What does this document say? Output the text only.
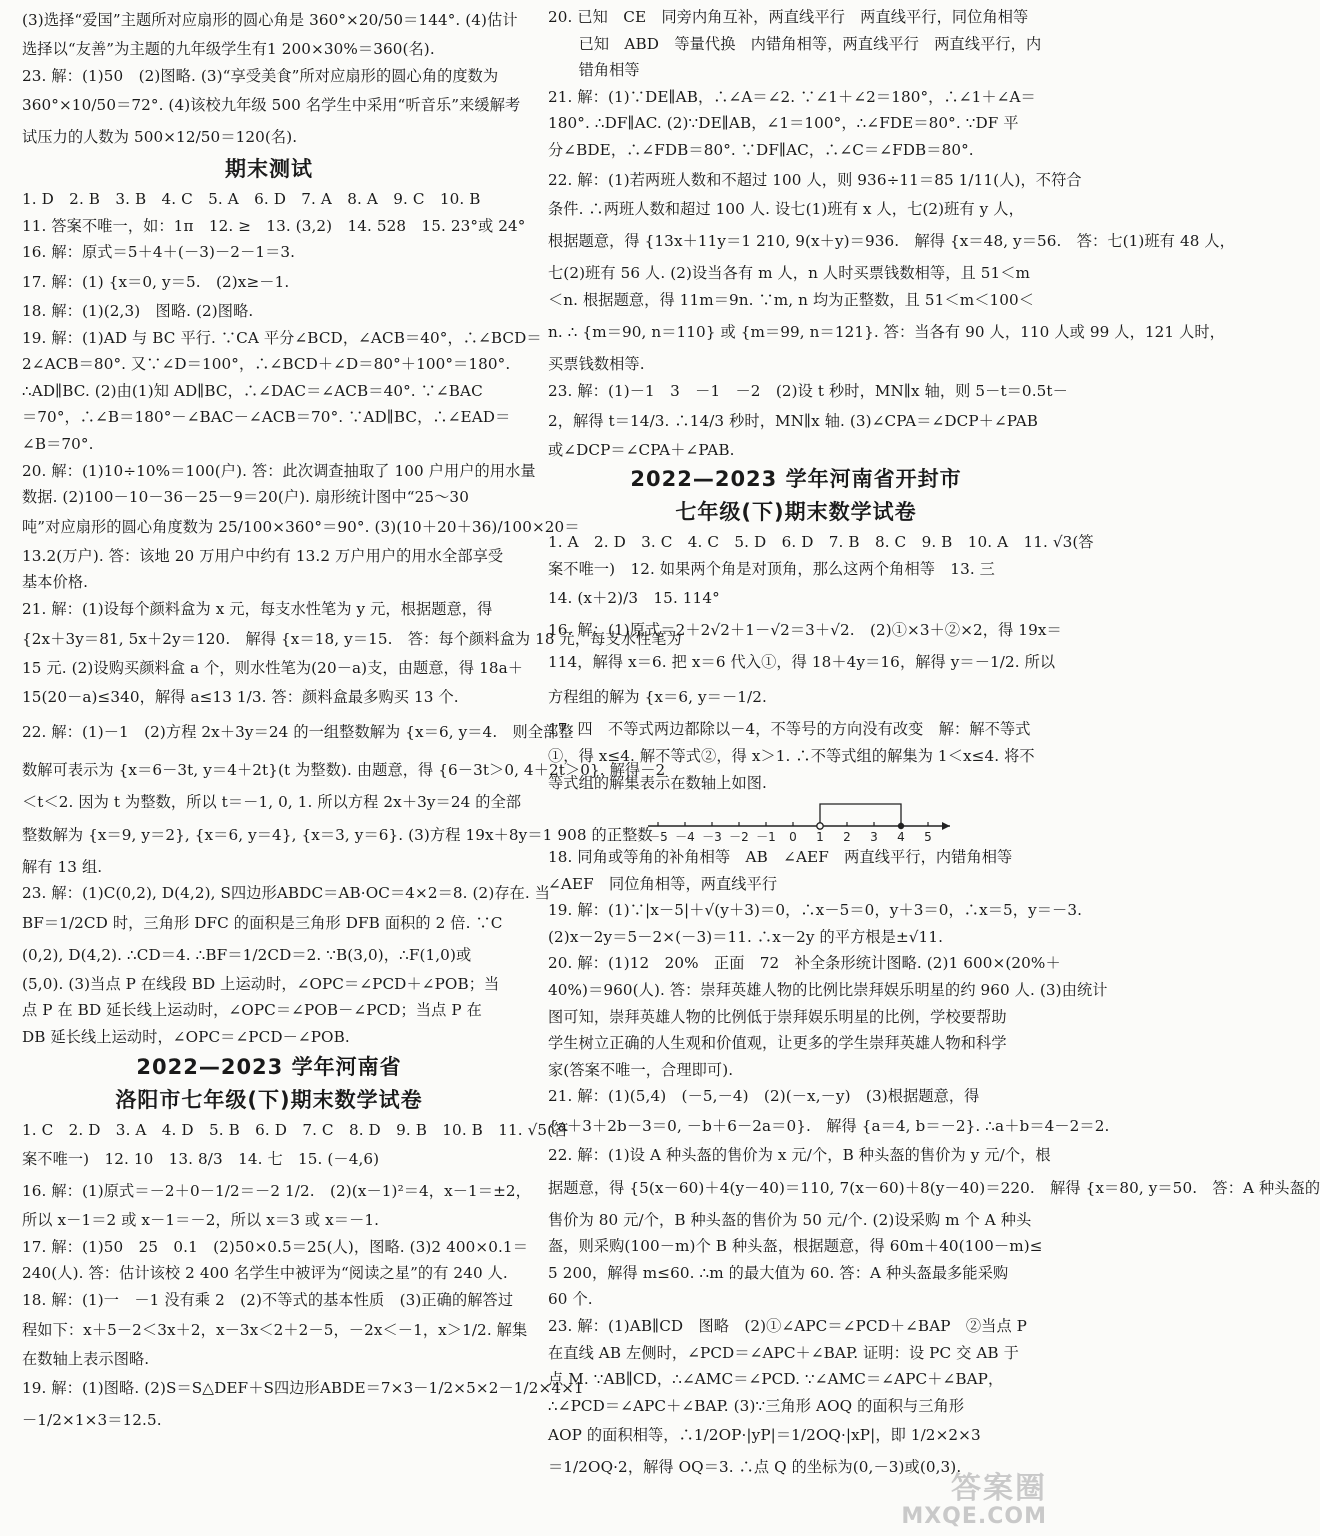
(3)选择“爱国”主题所对应扇形的圆心角是 360°×20/50＝144°. (4)估计
选择以“友善”为主题的九年级学生有1 200×30%＝360(名).
23. 解：(1)50　(2)图略. (3)“享受美食”所对应扇形的圆心角的度数为
360°×10/50＝72°. (4)该校九年级 500 名学生中采用“听音乐”来缓解考
试压力的人数为 500×12/50＝120(名).
期末测试
1. D　2. B　3. B　4. C　5. A　6. D　7. A　8. A　9. C　10. B
11. 答案不唯一，如：1π　12. ≥　13. (3,2)　14. 528　15. 23°或 24°
16. 解：原式＝5＋4＋(－3)－2－1＝3.
17. 解：(1) {x＝0, y＝5.　(2)x≥－1.
18. 解：(1)(2,3)　图略. (2)图略.
19. 解：(1)AD 与 BC 平行. ∵CA 平分∠BCD，∠ACB＝40°，∴∠BCD＝
2∠ACB＝80°. 又∵∠D＝100°，∴∠BCD＋∠D＝80°＋100°＝180°.
∴AD∥BC. (2)由(1)知 AD∥BC，∴∠DAC＝∠ACB＝40°. ∵∠BAC
＝70°，∴∠B＝180°－∠BAC－∠ACB＝70°. ∵AD∥BC，∴∠EAD＝
∠B＝70°.
20. 解：(1)10÷10%＝100(户). 答：此次调查抽取了 100 户用户的用水量
数据. (2)100－10－36－25－9＝20(户). 扇形统计图中“25～30
吨”对应扇形的圆心角度数为 25/100×360°＝90°. (3)(10＋20＋36)/100×20＝
13.2(万户). 答：该地 20 万用户中约有 13.2 万户用户的用水全部享受
基本价格.
21. 解：(1)设每个颜料盒为 x 元，每支水性笔为 y 元，根据题意，得
{2x＋3y＝81, 5x＋2y＝120.　解得 {x＝18, y＝15.　答：每个颜料盒为 18 元，每支水性笔为
15 元. (2)设购买颜料盒 a 个，则水性笔为(20－a)支，由题意，得 18a＋
15(20－a)≤340，解得 a≤13 1/3. 答：颜料盒最多购买 13 个.
22. 解：(1)－1　(2)方程 2x＋3y＝24 的一组整数解为 {x＝6, y＝4.　则全部整
数解可表示为 {x＝6－3t, y＝4＋2t}(t 为整数). 由题意，得 {6－3t＞0, 4＋2t＞0}. 解得－2
＜t＜2. 因为 t 为整数，所以 t＝－1, 0, 1. 所以方程 2x＋3y＝24 的全部
整数解为 {x＝9, y＝2}, {x＝6, y＝4}, {x＝3, y＝6}. (3)方程 19x＋8y＝1 908 的正整数
解有 13 组.
23. 解：(1)C(0,2), D(4,2), S四边形ABDC＝AB·OC＝4×2＝8. (2)存在. 当
BF＝1/2CD 时，三角形 DFC 的面积是三角形 DFB 面积的 2 倍. ∵C
(0,2), D(4,2). ∴CD＝4. ∴BF＝1/2CD＝2. ∵B(3,0)，∴F(1,0)或
(5,0). (3)当点 P 在线段 BD 上运动时，∠OPC＝∠PCD＋∠POB；当
点 P 在 BD 延长线上运动时，∠OPC＝∠POB－∠PCD；当点 P 在
DB 延长线上运动时，∠OPC＝∠PCD－∠POB.
2022—2023 学年河南省
洛阳市七年级(下)期末数学试卷
1. C　2. D　3. A　4. D　5. B　6. D　7. C　8. D　9. B　10. B　11. √5(答
案不唯一)　12. 10　13. 8/3　14. 七　15. (－4,6)
16. 解：(1)原式＝－2＋0－1/2＝－2 1/2.　(2)(x－1)²＝4，x－1＝±2，
所以 x－1＝2 或 x－1＝－2，所以 x＝3 或 x＝－1.
17. 解：(1)50　25　0.1　(2)50×0.5＝25(人)，图略. (3)2 400×0.1＝
240(人). 答：估计该校 2 400 名学生中被评为“阅读之星”的有 240 人.
18. 解：(1)一　－1 没有乘 2　(2)不等式的基本性质　(3)正确的解答过
程如下：x＋5－2＜3x＋2，x－3x＜2＋2－5，－2x＜－1，x＞1/2. 解集
在数轴上表示图略.
19. 解：(1)图略. (2)S＝S△DEF＋S四边形ABDE＝7×3－1/2×5×2－1/2×4×1
－1/2×1×3＝12.5.
20. 已知　CE　同旁内角互补，两直线平行　两直线平行，同位角相等
　　已知　ABD　等量代换　内错角相等，两直线平行　两直线平行，内
　　错角相等
21. 解：(1)∵DE∥AB，∴∠A＝∠2. ∵∠1＋∠2＝180°，∴∠1＋∠A＝
180°. ∴DF∥AC. (2)∵DE∥AB，∠1＝100°，∴∠FDE＝80°. ∵DF 平
分∠BDE，∴∠FDB＝80°. ∵DF∥AC，∴∠C＝∠FDB＝80°.
22. 解：(1)若两班人数和不超过 100 人，则 936÷11＝85 1/11(人)，不符合
条件. ∴两班人数和超过 100 人. 设七(1)班有 x 人，七(2)班有 y 人，
根据题意，得 {13x＋11y＝1 210, 9(x＋y)＝936.　解得 {x＝48, y＝56.　答：七(1)班有 48 人，
七(2)班有 56 人. (2)设当各有 m 人，n 人时买票钱数相等，且 51＜m
＜n. 根据题意，得 11m＝9n. ∵m, n 均为正整数，且 51＜m＜100＜
n. ∴ {m＝90, n＝110} 或 {m＝99, n＝121}. 答：当各有 90 人，110 人或 99 人，121 人时，
买票钱数相等.
23. 解：(1)－1　3　－1　－2　(2)设 t 秒时，MN∥x 轴，则 5－t＝0.5t－
2，解得 t＝14/3. ∴14/3 秒时，MN∥x 轴. (3)∠CPA＝∠DCP＋∠PAB
或∠DCP＝∠CPA＋∠PAB.
2022—2023 学年河南省开封市
七年级(下)期末数学试卷
1. A　2. D　3. C　4. C　5. D　6. D　7. B　8. C　9. B　10. A　11. √3(答
案不唯一)　12. 如果两个角是对顶角，那么这两个角相等　13. 三
14. (x＋2)/3　15. 114°
16. 解：(1)原式＝2＋2√2＋1－√2＝3＋√2.　(2)①×3＋②×2，得 19x＝
114，解得 x＝6. 把 x＝6 代入①，得 18＋4y＝16，解得 y＝－1/2. 所以
方程组的解为 {x＝6, y＝－1/2.
17. 四　不等式两边都除以－4，不等号的方向没有改变　解：解不等式
①，得 x≤4. 解不等式②，得 x＞1. ∴不等式组的解集为 1＜x≤4. 将不
等式组的解集表示在数轴上如图.
－5 －4 －3 －2 －1 0 1 2 3 4 5
18. 同角或等角的补角相等　AB　∠AEF　两直线平行，内错角相等
∠AEF　同位角相等，两直线平行
19. 解：(1)∵|x－5|＋√(y＋3)＝0，∴x－5＝0，y＋3＝0，∴x＝5，y＝－3.
(2)x－2y＝5－2×(－3)＝11. ∴x－2y 的平方根是±√11.
20. 解：(1)12　20%　正面　72　补全条形统计图略. (2)1 600×(20%＋
40%)＝960(人). 答：崇拜英雄人物的比例比崇拜娱乐明星的约 960 人. (3)由统计
图可知，崇拜英雄人物的比例低于崇拜娱乐明星的比例，学校要帮助
学生树立正确的人生观和价值观，让更多的学生崇拜英雄人物和科学
家(答案不唯一，合理即可).
21. 解：(1)(5,4)　(－5,－4)　(2)(－x,－y)　(3)根据题意，得
{a＋3＋2b－3＝0, －b＋6－2a＝0}.　解得 {a＝4, b＝－2}. ∴a＋b＝4－2＝2.
22. 解：(1)设 A 种头盔的售价为 x 元/个，B 种头盔的售价为 y 元/个，根
据题意，得 {5(x－60)＋4(y－40)＝110, 7(x－60)＋8(y－40)＝220.　解得 {x＝80, y＝50.　答：A 种头盔的
售价为 80 元/个，B 种头盔的售价为 50 元/个. (2)设采购 m 个 A 种头
盔，则采购(100－m)个 B 种头盔，根据题意，得 60m＋40(100－m)≤
5 200，解得 m≤60. ∴m 的最大值为 60. 答：A 种头盔最多能采购
60 个.
23. 解：(1)AB∥CD　图略　(2)①∠APC＝∠PCD＋∠BAP　②当点 P
在直线 AB 左侧时，∠PCD＝∠APC＋∠BAP. 证明：设 PC 交 AB 于
点 M. ∵AB∥CD，∴∠AMC＝∠PCD. ∵∠AMC＝∠APC＋∠BAP，
∴∠PCD＝∠APC＋∠BAP. (3)∵三角形 AOQ 的面积与三角形
AOP 的面积相等，∴1/2OP·|yP|＝1/2OQ·|xP|，即 1/2×2×3
＝1/2OQ·2，解得 OQ＝3. ∴点 Q 的坐标为(0,－3)或(0,3).
答案圈
MXQE.COM
